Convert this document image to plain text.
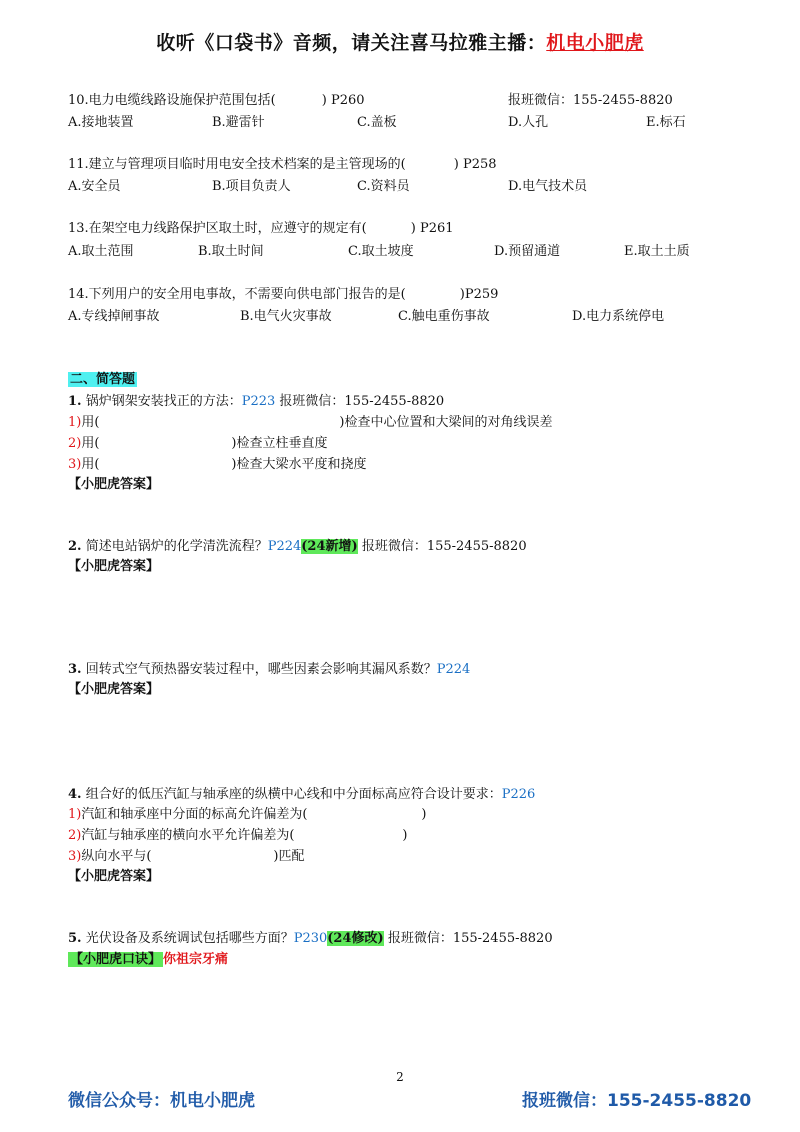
收听《口袋书》音频，请关注喜马拉雅主播：机电小肥虎
10.电力电缆线路设施保护范围包括(	) P260	报班微信：155-2455-8820
A.接地装置	B.避雷针	C.盖板	D.人孔	E.标石
11.建立与管理项目临时用电安全技术档案的是主管现场的(	) P258
A.安全员	B.项目负责人	C.资料员	D.电气技术员
13.在架空电力线路保护区取土时，应遵守的规定有(	) P261
A.取土范围	B.取土时间	C.取土坡度	D.预留通道	E.取土土质
14.下列用户的安全用电事故，不需要向供电部门报告的是(	)P259
A.专线掉闸事故	B.电气火灾事故	C.触电重伤事故	D.电力系统停电
二、简答题
1. 锅炉钢架安装找正的方法：P223 报班微信：155-2455-8820
1)用(	)检查中心位置和大梁间的对角线误差
2)用(	)检查立柱垂直度
3)用(	)检查大梁水平度和挠度
【小肥虎答案】
2. 简述电站锅炉的化学清洗流程？P224(24新增) 报班微信：155-2455-8820
【小肥虎答案】
3. 回转式空气预热器安装过程中，哪些因素会影响其漏风系数？P224
【小肥虎答案】
4. 组合好的低压汽缸与轴承座的纵横中心线和中分面标高应符合设计要求：P226
1)汽缸和轴承座中分面的标高允许偏差为(	)
2)汽缸与轴承座的横向水平允许偏差为(	)
3)纵向水平与(	)匹配
【小肥虎答案】
5. 光伏设备及系统调试包括哪些方面？P230(24修改) 报班微信：155-2455-8820
【小肥虎口诀】 你祖宗牙痛
2
微信公众号：机电小肥虎	报班微信：155-2455-8820
